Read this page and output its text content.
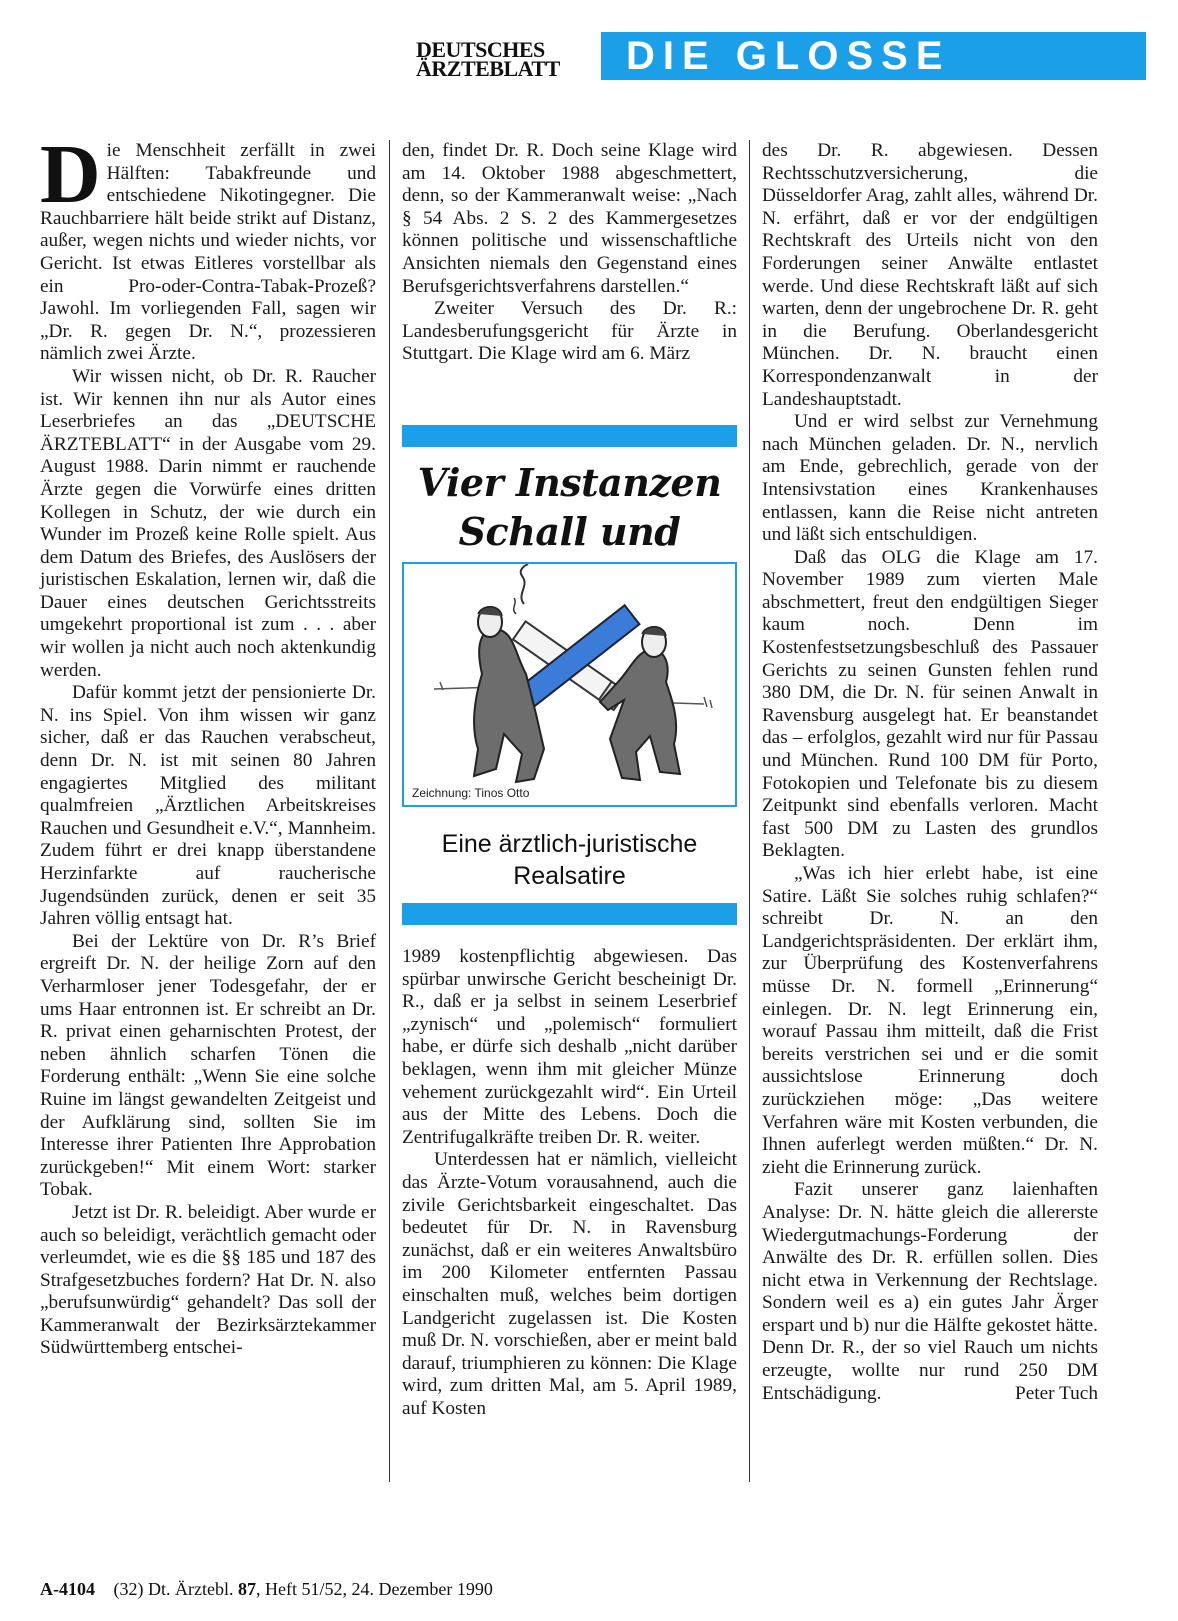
DEUTSCHES
ÄRZTEBLATT	DIE GLOSSE

Die Menschheit zerfällt in zwei Hälften: Tabakfreunde und entschiedene Nikotingegner. Die Rauchbarriere hält beide strikt auf Distanz, außer, wegen nichts und wieder nichts, vor Gericht. Ist etwas Eitleres vorstellbar als ein Pro-oder-Contra-Tabak-Prozeß? Jawohl. Im vorliegenden Fall, sagen wir „Dr. R. gegen Dr. N.“, prozessieren nämlich zwei Ärzte.

Wir wissen nicht, ob Dr. R. Raucher ist. Wir kennen ihn nur als Autor eines Leserbriefes an das „DEUTSCHE ÄRZTEBLATT“ in der Ausgabe vom 29. August 1988. Darin nimmt er rauchende Ärzte gegen die Vorwürfe eines dritten Kollegen in Schutz, der wie durch ein Wunder im Prozeß keine Rolle spielt. Aus dem Datum des Briefes, des Auslösers der juristischen Eskalation, lernen wir, daß die Dauer eines deutschen Gerichtsstreits umgekehrt proportional ist zum . . . aber wir wollen ja nicht auch noch aktenkundig werden.

Dafür kommt jetzt der pensionierte Dr. N. ins Spiel. Von ihm wissen wir ganz sicher, daß er das Rauchen verabscheut, denn Dr. N. ist mit seinen 80 Jahren engagiertes Mitglied des militant qualmfreien „Ärztlichen Arbeitskreises Rauchen und Gesundheit e.V.“, Mannheim. Zudem führt er drei knapp überstandene Herzinfarkte auf raucherische Jugendsünden zurück, denen er seit 35 Jahren völlig entsagt hat.

Bei der Lektüre von Dr. R’s Brief ergreift Dr. N. der heilige Zorn auf den Verharmloser jener Todesgefahr, der er ums Haar entronnen ist. Er schreibt an Dr. R. privat einen geharnischten Protest, der neben ähnlich scharfen Tönen die Forderung enthält: „Wenn Sie eine solche Ruine im längst gewandelten Zeitgeist und der Aufklärung sind, sollten Sie im Interesse ihrer Patienten Ihre Approbation zurückgeben!“ Mit einem Wort: starker Tobak.

Jetzt ist Dr. R. beleidigt. Aber wurde er auch so beleidigt, verächtlich gemacht oder verleumdet, wie es die §§ 185 und 187 des Strafgesetzbuches fordern? Hat Dr. N. also „berufsunwürdig“ gehandelt? Das soll der Kammeranwalt der Bezirksärztekammer Südwürttemberg entschei-

den, findet Dr. R. Doch seine Klage wird am 14. Oktober 1988 abgeschmettert, denn, so der Kammeranwalt weise: „Nach § 54 Abs. 2 S. 2 des Kammergesetzes können politische und wissenschaftliche Ansichten niemals den Gegenstand eines Berufsgerichtsverfahrens darstellen.“

Zweiter Versuch des Dr. R.: Landesberufungsgericht für Ärzte in Stuttgart. Die Klage wird am 6. März

Vier Instanzen
Schall und
Zeichnung: Tinos Otto
Eine ärztlich-juristische
Realsatire

1989 kostenpflichtig abgewiesen. Das spürbar unwirsche Gericht bescheinigt Dr. R., daß er ja selbst in seinem Leserbrief „zynisch“ und „polemisch“ formuliert habe, er dürfe sich deshalb „nicht darüber beklagen, wenn ihm mit gleicher Münze vehement zurückgezahlt wird“. Ein Urteil aus der Mitte des Lebens. Doch die Zentrifugalkräfte treiben Dr. R. weiter.

Unterdessen hat er nämlich, vielleicht das Ärzte-Votum vorausahnend, auch die zivile Gerichtsbarkeit eingeschaltet. Das bedeutet für Dr. N. in Ravensburg zunächst, daß er ein weiteres Anwaltsbüro im 200 Kilometer entfernten Passau einschalten muß, welches beim dortigen Landgericht zugelassen ist. Die Kosten muß Dr. N. vorschießen, aber er meint bald darauf, triumphieren zu können: Die Klage wird, zum dritten Mal, am 5. April 1989, auf Kosten

des Dr. R. abgewiesen. Dessen Rechtsschutzversicherung, die Düsseldorfer Arag, zahlt alles, während Dr. N. erfährt, daß er vor der endgültigen Rechtskraft des Urteils nicht von den Forderungen seiner Anwälte entlastet werde. Und diese Rechtskraft läßt auf sich warten, denn der ungebrochene Dr. R. geht in die Berufung. Oberlandesgericht München. Dr. N. braucht einen Korrespondenzanwalt in der Landeshauptstadt.

Und er wird selbst zur Vernehmung nach München geladen. Dr. N., nervlich am Ende, gebrechlich, gerade von der Intensivstation eines Krankenhauses entlassen, kann die Reise nicht antreten und läßt sich entschuldigen.

Daß das OLG die Klage am 17. November 1989 zum vierten Male abschmettert, freut den endgültigen Sieger kaum noch. Denn im Kostenfestsetzungsbeschluß des Passauer Gerichts zu seinen Gunsten fehlen rund 380 DM, die Dr. N. für seinen Anwalt in Ravensburg ausgelegt hat. Er beanstandet das – erfolglos, gezahlt wird nur für Passau und München. Rund 100 DM für Porto, Fotokopien und Telefonate bis zu diesem Zeitpunkt sind ebenfalls verloren. Macht fast 500 DM zu Lasten des grundlos Beklagten.

„Was ich hier erlebt habe, ist eine Satire. Läßt Sie solches ruhig schlafen?“ schreibt Dr. N. an den Landgerichtspräsidenten. Der erklärt ihm, zur Überprüfung des Kostenverfahrens müsse Dr. N. formell „Erinnerung“ einlegen. Dr. N. legt Erinnerung ein, worauf Passau ihm mitteilt, daß die Frist bereits verstrichen sei und er die somit aussichtslose Erinnerung doch zurückziehen möge: „Das weitere Verfahren wäre mit Kosten verbunden, die Ihnen auferlegt werden müßten.“ Dr. N. zieht die Erinnerung zurück.

Fazit unserer ganz laienhaften Analyse: Dr. N. hätte gleich die allererste Wiedergutmachungs-Forderung der Anwälte des Dr. R. erfüllen sollen. Dies nicht etwa in Verkennung der Rechtslage. Sondern weil es a) ein gutes Jahr Ärger erspart und b) nur die Hälfte gekostet hätte. Denn Dr. R., der so viel Rauch um nichts erzeugte, wollte nur rund 250 DM Entschädigung.	Peter Tuch

A-4104 (32) Dt. Ärztebl. 87, Heft 51/52, 24. Dezember 1990
